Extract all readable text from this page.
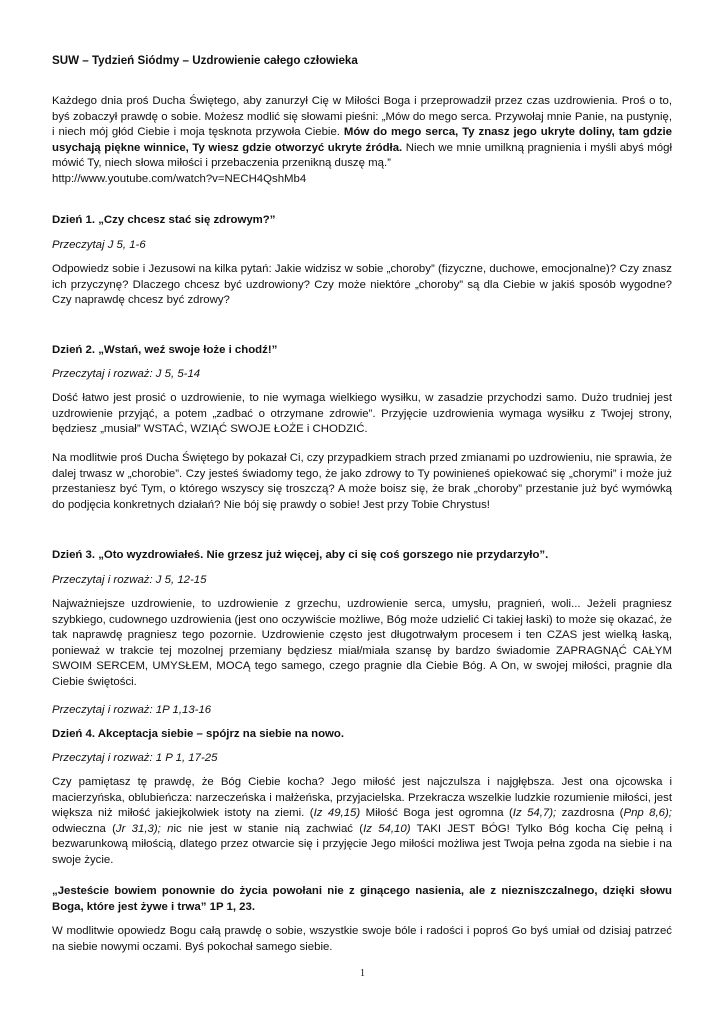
SUW – Tydzień Siódmy – Uzdrowienie całego człowieka

Każdego dnia proś Ducha Świętego, aby zanurzył Cię w Miłości Boga i przeprowadził przez czas uzdrowienia. Proś o to, byś zobaczył prawdę o sobie. Możesz modlić się słowami pieśni: „Mów do mego serca. Przywołaj mnie Panie, na pustynię, i niech mój głód Ciebie i moja tęsknota przywoła Ciebie. Mów do mego serca, Ty znasz jego ukryte doliny, tam gdzie usychają piękne winnice, Ty wiesz gdzie otworzyć ukryte źródła. Niech we mnie umilkną pragnienia i myśli abyś mógł mówić Ty, niech słowa miłości i przebaczenia przenikną duszę mą.”
http://www.youtube.com/watch?v=NECH4QshMb4

Dzień 1. „Czy chcesz stać się zdrowym?”

Przeczytaj J 5, 1-6

Odpowiedz sobie i Jezusowi na kilka pytań: Jakie widzisz w sobie „choroby” (fizyczne, duchowe, emocjonalne)? Czy znasz ich przyczynę? Dlaczego chcesz być uzdrowiony? Czy może niektóre „choroby” są dla Ciebie w jakiś sposób wygodne? Czy naprawdę chcesz być zdrowy?

Dzień 2. „Wstań, weź swoje łoże i chodź!”

Przeczytaj i rozważ: J 5, 5-14

Dość łatwo jest prosić o uzdrowienie, to nie wymaga wielkiego wysiłku, w zasadzie przychodzi samo. Dużo trudniej jest uzdrowienie przyjąć, a potem „zadbać o otrzymane zdrowie”. Przyjęcie uzdrowienia wymaga wysiłku z Twojej strony, będziesz „musiał” WSTAĆ, WZIĄĆ SWOJE ŁOŻE i CHODZIĆ.

Na modlitwie proś Ducha Świętego by pokazał Ci, czy przypadkiem strach przed zmianami po uzdrowieniu, nie sprawia, że dalej trwasz w „chorobie”. Czy jesteś świadomy tego, że jako zdrowy to Ty powinieneś opiekować się „chorymi” i może już przestaniesz być Tym, o którego wszyscy się troszczą? A może boisz się, że brak „choroby” przestanie już być wymówką do podjęcia konkretnych działań? Nie bój się prawdy o sobie! Jest przy Tobie Chrystus!

Dzień 3. „Oto wyzdrowiałeś. Nie grzesz już więcej, aby ci się coś gorszego nie przydarzyło”.

Przeczytaj i rozważ: J 5, 12-15

Najważniejsze uzdrowienie, to uzdrowienie z grzechu, uzdrowienie serca, umysłu, pragnień, woli... Jeżeli pragniesz szybkiego, cudownego uzdrowienia (jest ono oczywiście możliwe, Bóg może udzielić Ci takiej łaski) to może się okazać, że tak naprawdę pragniesz tego pozornie. Uzdrowienie często jest długotrwałym procesem i ten CZAS jest wielką łaską, ponieważ w trakcie tej mozolnej przemiany będziesz miał/miała szansę by bardzo świadomie ZAPRAGNĄĆ CAŁYM SWOIM SERCEM, UMYSŁEM, MOCĄ tego samego, czego pragnie dla Ciebie Bóg. A On, w swojej miłości, pragnie dla Ciebie świętości.

Przeczytaj i rozważ: 1P 1,13-16

Dzień 4. Akceptacja siebie – spójrz na siebie na nowo.

Przeczytaj i rozważ: 1 P 1, 17-25

Czy pamiętasz tę prawdę, że Bóg Ciebie kocha? Jego miłość jest najczulsza i najgłębsza. Jest ona ojcowska i macierzyńska, oblubieńcza: narzeczeńska i małżeńska, przyjacielska. Przekracza wszelkie ludzkie rozumienie miłości, jest większa niż miłość jakiejkolwiek istoty na ziemi. (Iz 49,15) Miłość Boga jest ogromna (Iz 54,7); zazdrosna (Pnp 8,6); odwieczna (Jr 31,3); nic nie jest w stanie nią zachwiać (Iz 54,10) TAKI JEST BÓG! Tylko Bóg kocha Cię pełną i bezwarunkową miłością, dlatego przez otwarcie się i przyjęcie Jego miłości możliwa jest Twoja pełna zgoda na siebie i na swoje życie.

„Jesteście bowiem ponownie do życia powołani nie z ginącego nasienia, ale z niezniszczalnego, dzięki słowu Boga, które jest żywe i trwa” 1P 1, 23.

W modlitwie opowiedz Bogu całą prawdę o sobie, wszystkie swoje bóle i radości i poproś Go byś umiał od dzisiaj patrzeć na siebie nowymi oczami. Byś pokochał samego siebie.

1
